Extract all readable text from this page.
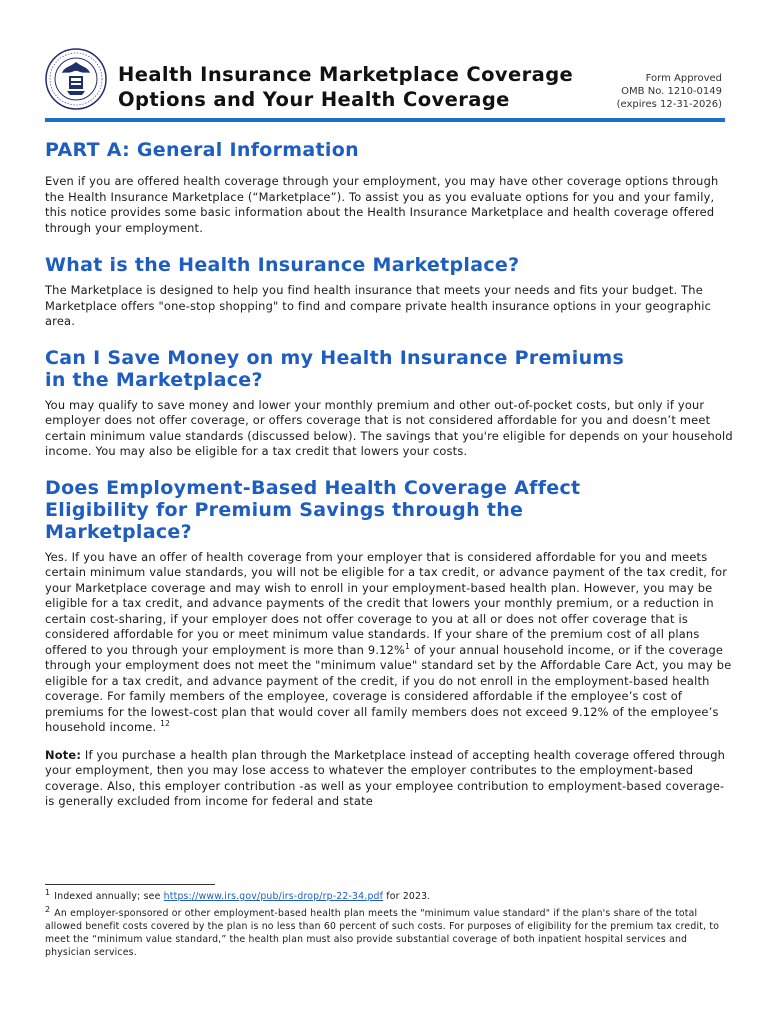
Health Insurance Marketplace Coverage
Options and Your Health Coverage
Form Approved
OMB No. 1210-0149
(expires 12-31-2026)
PART A: General Information

Even if you are offered health coverage through your employment, you may have other coverage options through the Health Insurance Marketplace (“Marketplace”). To assist you as you evaluate options for you and your family, this notice provides some basic information about the Health Insurance Marketplace and health coverage offered through your employment.

What is the Health Insurance Marketplace?

The Marketplace is designed to help you find health insurance that meets your needs and fits your budget. The Marketplace offers "one-stop shopping" to find and compare private health insurance options in your geographic area.

Can I Save Money on my Health Insurance Premiums
in the Marketplace?

You may qualify to save money and lower your monthly premium and other out-of-pocket costs, but only if your employer does not offer coverage, or offers coverage that is not considered affordable for you and doesn’t meet certain minimum value standards (discussed below). The savings that you're eligible for depends on your household income. You may also be eligible for a tax credit that lowers your costs.

Does Employment-Based Health Coverage Affect
Eligibility for Premium Savings through the
Marketplace?

Yes. If you have an offer of health coverage from your employer that is considered affordable for you and meets certain minimum value standards, you will not be eligible for a tax credit, or advance payment of the tax credit, for your Marketplace coverage and may wish to enroll in your employment-based health plan. However, you may be eligible for a tax credit, and advance payments of the credit that lowers your monthly premium, or a reduction in certain cost-sharing, if your employer does not offer coverage to you at all or does not offer coverage that is considered affordable for you or meet minimum value standards. If your share of the premium cost of all plans offered to you through your employment is more than 9.12%$^1$ of your annual household income, or if the coverage through your employment does not meet the "minimum value" standard set by the Affordable Care Act, you may be eligible for a tax credit, and advance payment of the credit, if you do not enroll in the employment-based health coverage. For family members of the employee, coverage is considered affordable if the employee’s cost of premiums for the lowest-cost plan that would cover all family members does not exceed 9.12% of the employee’s household income. $^{12}$

Note: If you purchase a health plan through the Marketplace instead of accepting health coverage offered through your employment, then you may lose access to whatever the employer contributes to the employment-based coverage. Also, this employer contribution -as well as your employee contribution to employment-based coverage- is generally excluded from income for federal and state

1 Indexed annually; see https://www.irs.gov/pub/irs-drop/rp-22-34.pdf for 2023.
2 An employer-sponsored or other employment-based health plan meets the "minimum value standard" if the plan's share of the total allowed benefit costs covered by the plan is no less than 60 percent of such costs. For purposes of eligibility for the premium tax credit, to meet the “minimum value standard,” the health plan must also provide substantial coverage of both inpatient hospital services and physician services.
